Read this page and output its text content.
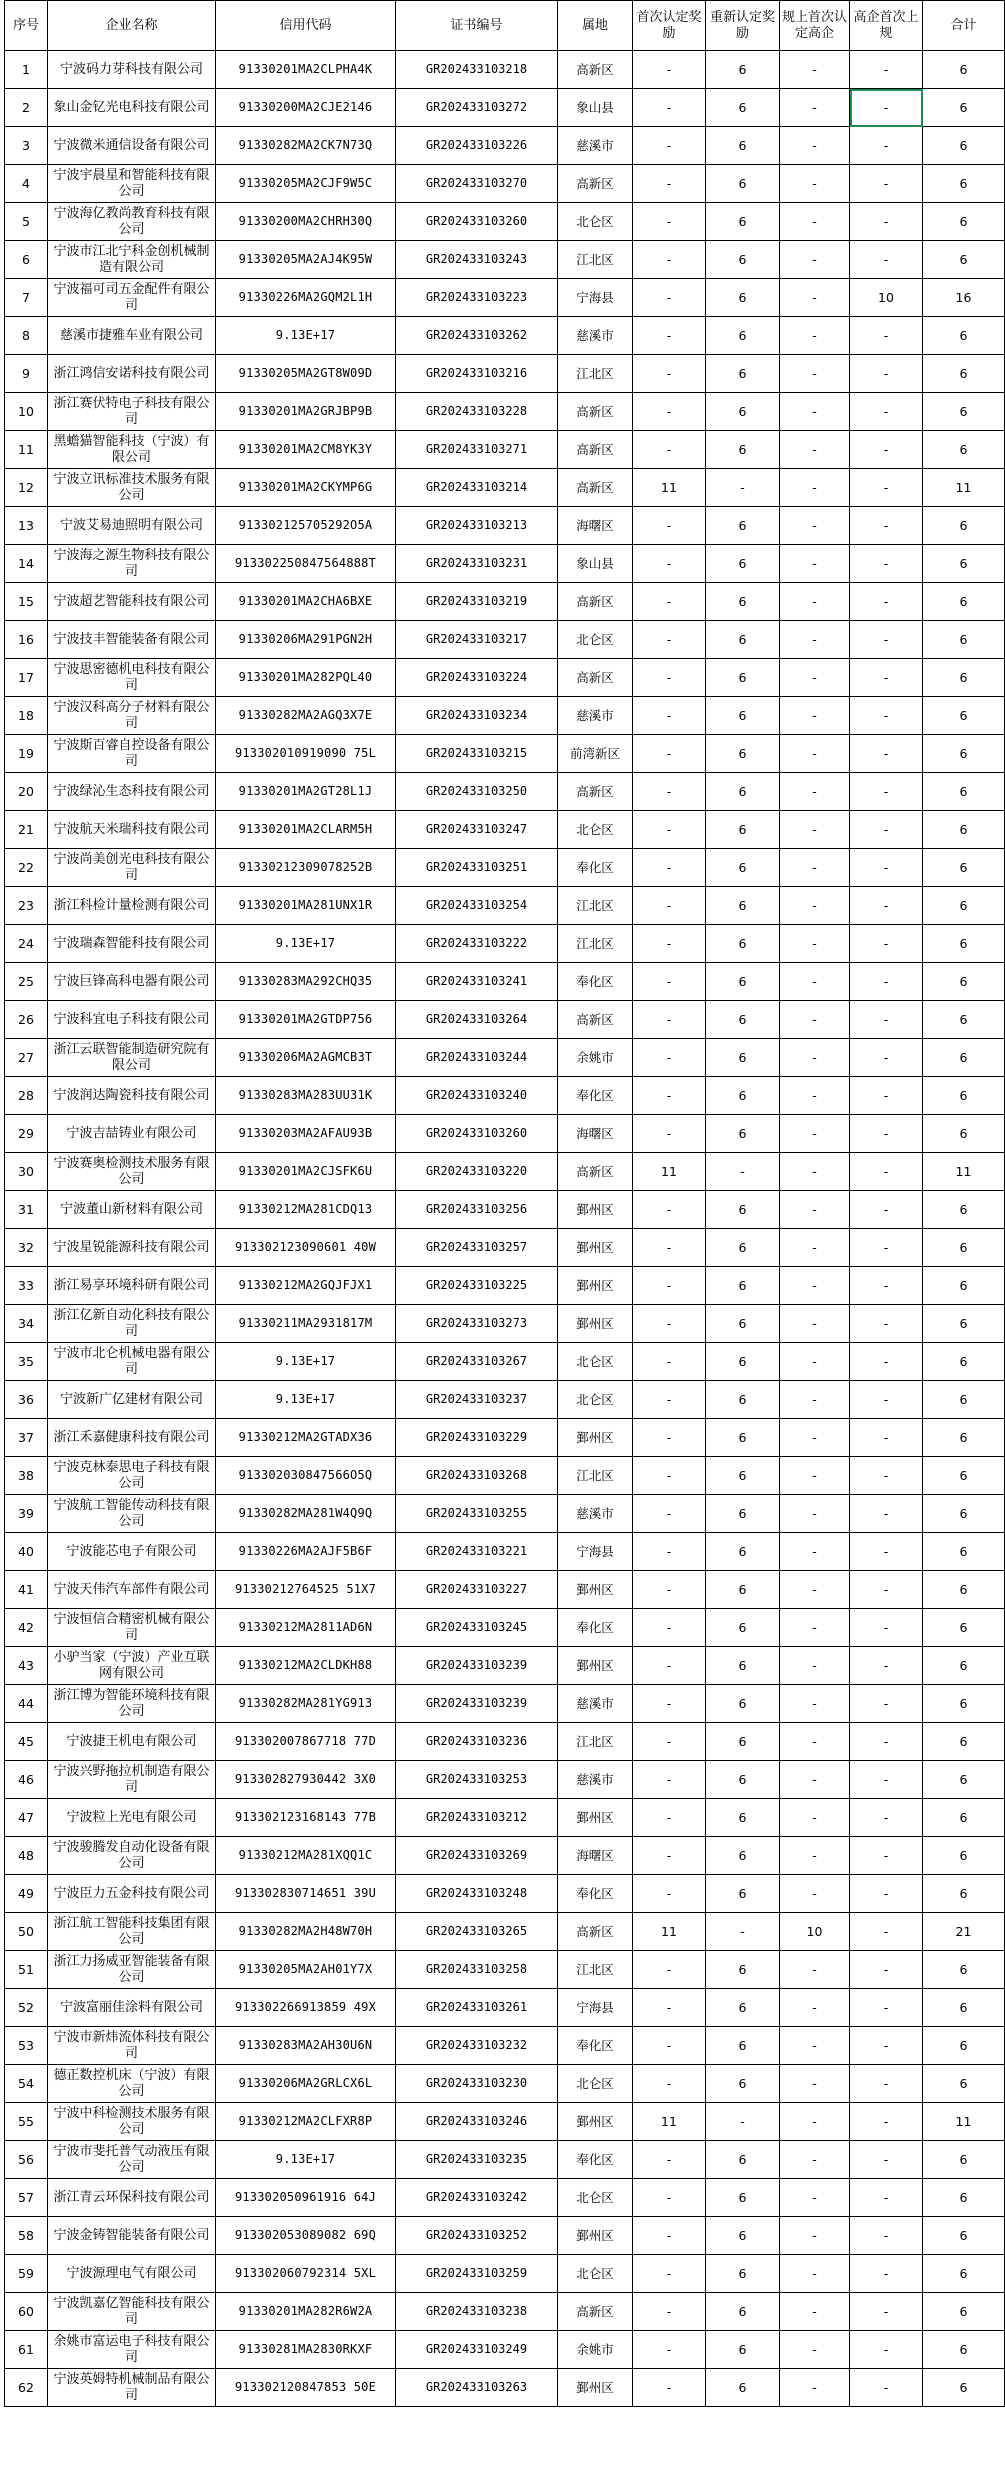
序号	企业名称	信用代码	证书编号	属地	首次认定奖励	重新认定奖励	规上首次认定高企	高企首次上规	合计
1	宁波码力芽科技有限公司	91330201MA2CLPHA4K	GR202433103218	高新区	-	6	-	-	6
2	象山金钇光电科技有限公司	91330200MA2CJE2146	GR202433103272	象山县	-	6	-	-	6
3	宁波微米通信设备有限公司	91330282MA2CK7N73Q	GR202433103226	慈溪市	-	6	-	-	6
4	宁波宇晨星和智能科技有限公司	91330205MA2CJF9W5C	GR202433103270	高新区	-	6	-	-	6
5	宁波海亿教尚教育科技有限公司	91330200MA2CHRH30Q	GR202433103260	北仑区	-	6	-	-	6
6	宁波市江北宁科金创机械制造有限公司	91330205MA2AJ4K95W	GR202433103243	江北区	-	6	-	-	6
7	宁波福可司五金配件有限公司	91330226MA2GQM2L1H	GR202433103223	宁海县	-	6	-	10	16
8	慈溪市捷雅车业有限公司	9.13E+17	GR202433103262	慈溪市	-	6	-	-	6
9	浙江鸿信安诺科技有限公司	91330205MA2GT8W09D	GR202433103216	江北区	-	6	-	-	6
10	浙江赛伏特电子科技有限公司	91330201MA2GRJBP9B	GR202433103228	高新区	-	6	-	-	6
11	黑蟾猫智能科技（宁波）有限公司	91330201MA2CM8YK3Y	GR202433103271	高新区	-	6	-	-	6
12	宁波立讯标准技术服务有限公司	91330201MA2CKYMP6G	GR202433103214	高新区	11	-	-	-	11
13	宁波艾易迪照明有限公司	913302125705292O5A	GR202433103213	海曙区	-	6	-	-	6
14	宁波海之源生物科技有限公司	913302250847564888T	GR202433103231	象山县	-	6	-	-	6
15	宁波超艺智能科技有限公司	91330201MA2CHA6BXE	GR202433103219	高新区	-	6	-	-	6
16	宁波技丰智能装备有限公司	91330206MA291PGN2H	GR202433103217	北仑区	-	6	-	-	6
17	宁波思密德机电科技有限公司	91330201MA282PQL40	GR202433103224	高新区	-	6	-	-	6
18	宁波汉科高分子材料有限公司	91330282MA2AGQ3X7E	GR202433103234	慈溪市	-	6	-	-	6
19	宁波斯百睿自控设备有限公司	913302010919090 75L	GR202433103215	前湾新区	-	6	-	-	6
20	宁波绿沁生态科技有限公司	91330201MA2GT28L1J	GR202433103250	高新区	-	6	-	-	6
21	宁波航天米瑞科技有限公司	91330201MA2CLARM5H	GR202433103247	北仑区	-	6	-	-	6
22	宁波尚美创光电科技有限公司	91330212309078252B	GR202433103251	奉化区	-	6	-	-	6
23	浙江科检计量检测有限公司	91330201MA281UNX1R	GR202433103254	江北区	-	6	-	-	6
24	宁波瑞森智能科技有限公司	9.13E+17	GR202433103222	江北区	-	6	-	-	6
25	宁波巨锋高科电器有限公司	91330283MA292CHQ35	GR202433103241	奉化区	-	6	-	-	6
26	宁波科宜电子科技有限公司	91330201MA2GTDP756	GR202433103264	高新区	-	6	-	-	6
27	浙江云联智能制造研究院有限公司	91330206MA2AGMCB3T	GR202433103244	余姚市	-	6	-	-	6
28	宁波润达陶瓷科技有限公司	91330283MA283UU31K	GR202433103240	奉化区	-	6	-	-	6
29	宁波吉喆铸业有限公司	91330203MA2AFAU93B	GR202433103260	海曙区	-	6	-	-	6
30	宁波赛奥检测技术服务有限公司	91330201MA2CJSFK6U	GR202433103220	高新区	11	-	-	-	11
31	宁波董山新材料有限公司	91330212MA281CDQ13	GR202433103256	鄞州区	-	6	-	-	6
32	宁波星锐能源科技有限公司	913302123090601 40W	GR202433103257	鄞州区	-	6	-	-	6
33	浙江易享环境科研有限公司	91330212MA2GQJFJX1	GR202433103225	鄞州区	-	6	-	-	6
34	浙江亿新自动化科技有限公司	91330211MA2931817M	GR202433103273	鄞州区	-	6	-	-	6
35	宁波市北仑机械电器有限公司	9.13E+17	GR202433103267	北仑区	-	6	-	-	6
36	宁波新广亿建材有限公司	9.13E+17	GR202433103237	北仑区	-	6	-	-	6
37	浙江禾嘉健康科技有限公司	91330212MA2GTADX36	GR202433103229	鄞州区	-	6	-	-	6
38	宁波克林泰思电子科技有限公司	913302030847566O5Q	GR202433103268	江北区	-	6	-	-	6
39	宁波航工智能传动科技有限公司	91330282MA281W4Q9Q	GR202433103255	慈溪市	-	6	-	-	6
40	宁波能芯电子有限公司	91330226MA2AJF5B6F	GR202433103221	宁海县	-	6	-	-	6
41	宁波天伟汽车部件有限公司	91330212764525 51X7	GR202433103227	鄞州区	-	6	-	-	6
42	宁波恒信合精密机械有限公司	91330212MA2811AD6N	GR202433103245	奉化区	-	6	-	-	6
43	小驴当家（宁波）产业互联网有限公司	91330212MA2CLDKH88	GR202433103239	鄞州区	-	6	-	-	6
44	浙江博为智能环境科技有限公司	91330282MA281YG913	GR202433103239	慈溪市	-	6	-	-	6
45	宁波捷王机电有限公司	913302007867718 77D	GR202433103236	江北区	-	6	-	-	6
46	宁波兴野拖拉机制造有限公司	913302827930442 3X0	GR202433103253	慈溪市	-	6	-	-	6
47	宁波粒上光电有限公司	913302123168143 77B	GR202433103212	鄞州区	-	6	-	-	6
48	宁波骏腾发自动化设备有限公司	91330212MA281XQQ1C	GR202433103269	海曙区	-	6	-	-	6
49	宁波臣力五金科技有限公司	913302830714651 39U	GR202433103248	奉化区	-	6	-	-	6
50	浙江航工智能科技集团有限公司	91330282MA2H48W70H	GR202433103265	高新区	11	-	10	-	21
51	浙江力扬威亚智能装备有限公司	91330205MA2AH01Y7X	GR202433103258	江北区	-	6	-	-	6
52	宁波富丽佳涂料有限公司	913302266913859 49X	GR202433103261	宁海县	-	6	-	-	6
53	宁波市新炜流体科技有限公司	91330283MA2AH30U6N	GR202433103232	奉化区	-	6	-	-	6
54	德正数控机床（宁波）有限公司	91330206MA2GRLCX6L	GR202433103230	北仑区	-	6	-	-	6
55	宁波中科检测技术服务有限公司	91330212MA2CLFXR8P	GR202433103246	鄞州区	11	-	-	-	11
56	宁波市斐托普气动液压有限公司	9.13E+17	GR202433103235	奉化区	-	6	-	-	6
57	浙江青云环保科技有限公司	913302050961916 64J	GR202433103242	北仑区	-	6	-	-	6
58	宁波金铸智能装备有限公司	913302053089082 69Q	GR202433103252	鄞州区	-	6	-	-	6
59	宁波源理电气有限公司	913302060792314 5XL	GR202433103259	北仑区	-	6	-	-	6
60	宁波凯嘉亿智能科技有限公司	91330201MA282R6W2A	GR202433103238	高新区	-	6	-	-	6
61	余姚市富运电子科技有限公司	91330281MA2830RKXF	GR202433103249	余姚市	-	6	-	-	6
62	宁波英姆特机械制品有限公司	913302120847853 50E	GR202433103263	鄞州区	-	6	-	-	6
